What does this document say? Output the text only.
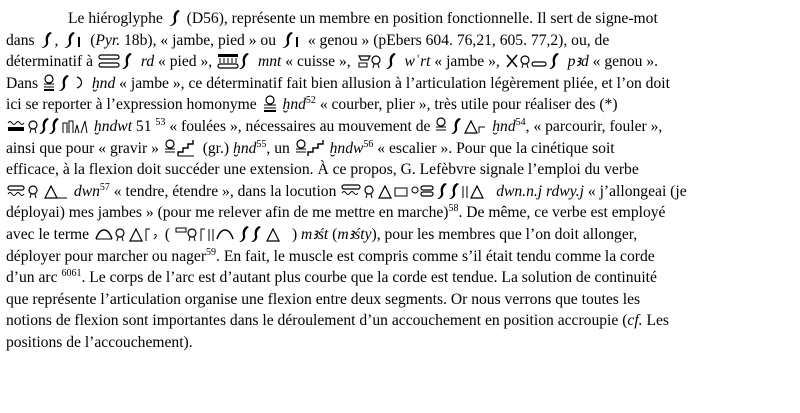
Le hiéroglyphe (D56), représente un membre en position fonctionnelle. Il sert de signe-mot
dans , (Pyr. 18b), « jambe, pied » ou « genou » (pEbers 604. 76,21, 605. 77,2), ou, de
déterminatif à	rd « pied »,	mnt « cuisse »,	wʿrt « jambe »,	pꜣd « genou ».
Dans	ḫnd « jambe », ce déterminatif fait bien allusion à l’articulation légèrement pliée, et l’on doit
ici se reporter à l’expression homonyme ḫnd$^{52}$ « courber, plier », très utile pour réaliser des (*)
ḫndwt 51 $^{53}$ « foulées », nécessaires au mouvement de	ḫnd$^{54}$, « parcourir, fouler »,
ainsi que pour « gravir »	(gr.) ḫnd$^{55}$, un	ḫndw$^{56}$ « escalier ». Pour que la cinétique soit
efficace, à la flexion doit succéder une extension. À ce propos, G. Lefèbvre signale l’emploi du verbe
dwn$^{57}$ « tendre, étendre », dans la locution	dwn.n.j rdwy.j « j’allongeai (je
déployai) mes jambes » (pour me relever afin de me mettre en marche)$^{58}$. De même, ce verbe est employé
avec le terme	(	) mꜣśt (mꜣśty), pour les membres que l’on doit allonger,
déployer pour marcher ou nager$^{59}$. En fait, le muscle est compris comme s’il était tendu comme la corde
d’un arc $^{6061}$. Le corps de l’arc est d’autant plus courbe que la corde est tendue. La solution de continuité
que représente l’articulation organise une flexion entre deux segments. Or nous verrons que toutes les
notions de flexion sont importantes dans le déroulement d’un accouchement en position accroupie (cf. Les
positions de l’accouchement).
